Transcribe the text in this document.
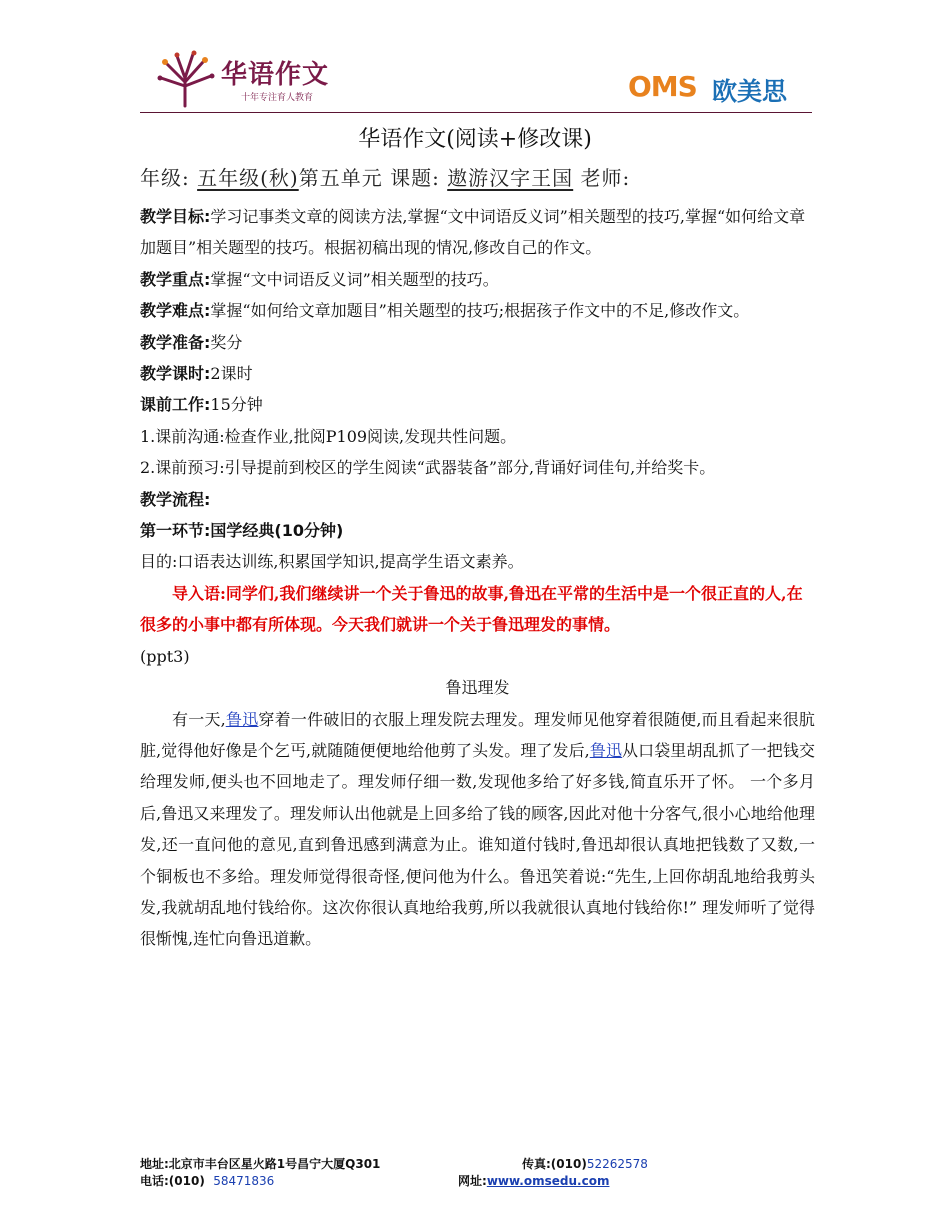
华语作文
十年专注育人教育	OMS 欧美思
华语作文(阅读+修改课)
年级: 五年级(秋)第五单元 课题: 遨游汉字王国 老师:

教学目标:学习记事类文章的阅读方法,掌握“文中词语反义词”相关题型的技巧,掌握“如何给文章加题目”相关题型的技巧。根据初稿出现的情况,修改自己的作文。

教学重点:掌握“文中词语反义词”相关题型的技巧。

教学难点:掌握“如何给文章加题目”相关题型的技巧;根据孩子作文中的不足,修改作文。

教学准备:奖分

教学课时:2课时

课前工作:15分钟

1.课前沟通:检查作业,批阅P109阅读,发现共性问题。

2.课前预习:引导提前到校区的学生阅读“武器装备”部分,背诵好词佳句,并给奖卡。

教学流程:

第一环节:国学经典(10分钟)

目的:口语表达训练,积累国学知识,提高学生语文素养。

导入语:同学们,我们继续讲一个关于鲁迅的故事,鲁迅在平常的生活中是一个很正直的人,在很多的小事中都有所体现。今天我们就讲一个关于鲁迅理发的事情。

(ppt3)

鲁迅理发

有一天,鲁迅穿着一件破旧的衣服上理发院去理发。理发师见他穿着很随便,而且看起来很肮脏,觉得他好像是个乞丐,就随随便便地给他剪了头发。理了发后,鲁迅从口袋里胡乱抓了一把钱交给理发师,便头也不回地走了。理发师仔细一数,发现他多给了好多钱,简直乐开了怀。 一个多月后,鲁迅又来理发了。理发师认出他就是上回多给了钱的顾客,因此对他十分客气,很小心地给他理发,还一直问他的意见,直到鲁迅感到满意为止。谁知道付钱时,鲁迅却很认真地把钱数了又数,一个铜板也不多给。理发师觉得很奇怪,便问他为什么。鲁迅笑着说:“先生,上回你胡乱地给我剪头发,我就胡乱地付钱给你。这次你很认真地给我剪,所以我就很认真地付钱给你!” 理发师听了觉得很惭愧,连忙向鲁迅道歉。

地址:北京市丰台区星火路1号昌宁大厦Q301	传真:(010)52262578
电话:(010) 58471836	网址:www.omsedu.com
